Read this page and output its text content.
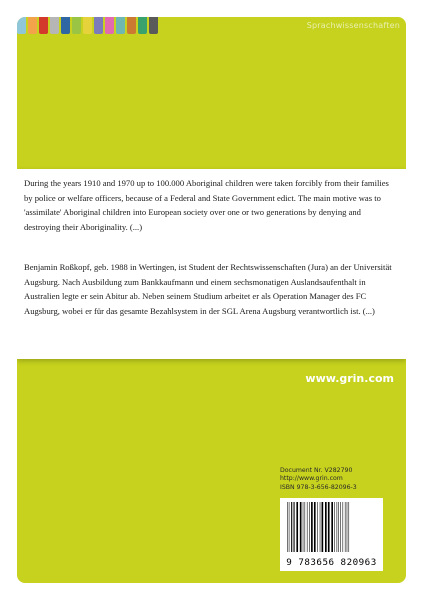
Sprachwissenschaften

During the years 1910 and 1970 up to 100.000 Aboriginal children were taken forcibly from their families by police or welfare officers, because of a Federal and State Government edict. The main motive was to 'assimilate' Aboriginal children into European society over one or two generations by denying and destroying their Aboriginality. (...)

Benjamin Roßkopf, geb. 1988 in Wertingen, ist Student der Rechtswissenschaften (Jura) an der Universität Augsburg. Nach Ausbildung zum Bankkaufmann und einem sechsmonatigen Auslandsaufenthalt in Australien legte er sein Abitur ab. Neben seinem Studium arbeitet er als Operation Manager des FC Augsburg, wobei er für das gesamte Bezahlsystem in der SGL Arena Augsburg verantwortlich ist. (...)

www.grin.com
Document Nr. V282790
http://www.grin.com
ISBN 978-3-656-82096-3
9 783656 820963
